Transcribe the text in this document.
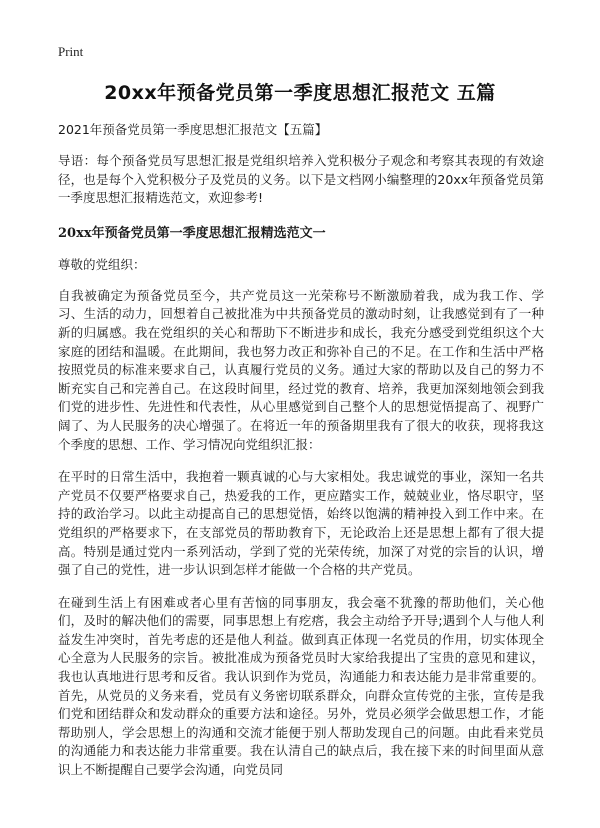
Print
20xx年预备党员第一季度思想汇报范文 五篇
2021年预备党员第一季度思想汇报范文【五篇】

导语：每个预备党员写思想汇报是党组织培养入党积极分子观念和考察其表现的有效途径，也是每个入党积极分子及党员的义务。以下是文档网小编整理的20xx年预备党员第一季度思想汇报精选范文，欢迎参考!

20xx年预备党员第一季度思想汇报精选范文一
尊敬的党组织：

自我被确定为预备党员至今，共产党员这一光荣称号不断激励着我，成为我工作、学习、生活的动力，回想着自己被批准为中共预备党员的激动时刻，让我感觉到有了一种新的归属感。我在党组织的关心和帮助下不断进步和成长，我充分感受到党组织这个大家庭的团结和温暖。在此期间，我也努力改正和弥补自己的不足。在工作和生活中严格按照党员的标准来要求自己，认真履行党员的义务。通过大家的帮助以及自己的努力不断充实自己和完善自己。在这段时间里，经过党的教育、培养，我更加深刻地领会到我们党的进步性、先进性和代表性，从心里感觉到自己整个人的思想觉悟提高了、视野广阔了、为人民服务的决心增强了。在将近一年的预备期里我有了很大的收获，现将我这个季度的思想、工作、学习情况向党组织汇报：

在平时的日常生活中，我抱着一颗真诚的心与大家相处。我忠诚党的事业，深知一名共产党员不仅要严格要求自己，热爱我的工作，更应踏实工作，兢兢业业，恪尽职守，坚持的政治学习。以此主动提高自己的思想觉悟，始终以饱满的精神投入到工作中来。在党组织的严格要求下，在支部党员的帮助教育下，无论政治上还是思想上都有了很大提高。特别是通过党内一系列活动，学到了党的光荣传统，加深了对党的宗旨的认识，增强了自己的党性，进一步认识到怎样才能做一个合格的共产党员。

在碰到生活上有困难或者心里有苦恼的同事朋友，我会毫不犹豫的帮助他们，关心他们，及时的解决他们的需要，同事思想上有疙瘩，我会主动给予开导;遇到个人与他人利益发生冲突时，首先考虑的还是他人利益。做到真正体现一名党员的作用，切实体现全心全意为人民服务的宗旨。被批准成为预备党员时大家给我提出了宝贵的意见和建议，我也认真地进行思考和反省。我认识到作为党员，沟通能力和表达能力是非常重要的。首先，从党员的义务来看，党员有义务密切联系群众，向群众宣传党的主张，宣传是我们党和团结群众和发动群众的重要方法和途径。另外，党员必须学会做思想工作，才能帮助别人，学会思想上的沟通和交流才能便于别人帮助发现自己的问题。由此看来党员的沟通能力和表达能力非常重要。我在认清自己的缺点后，我在接下来的时间里面从意识上不断提醒自己要学会沟通，向党员同
